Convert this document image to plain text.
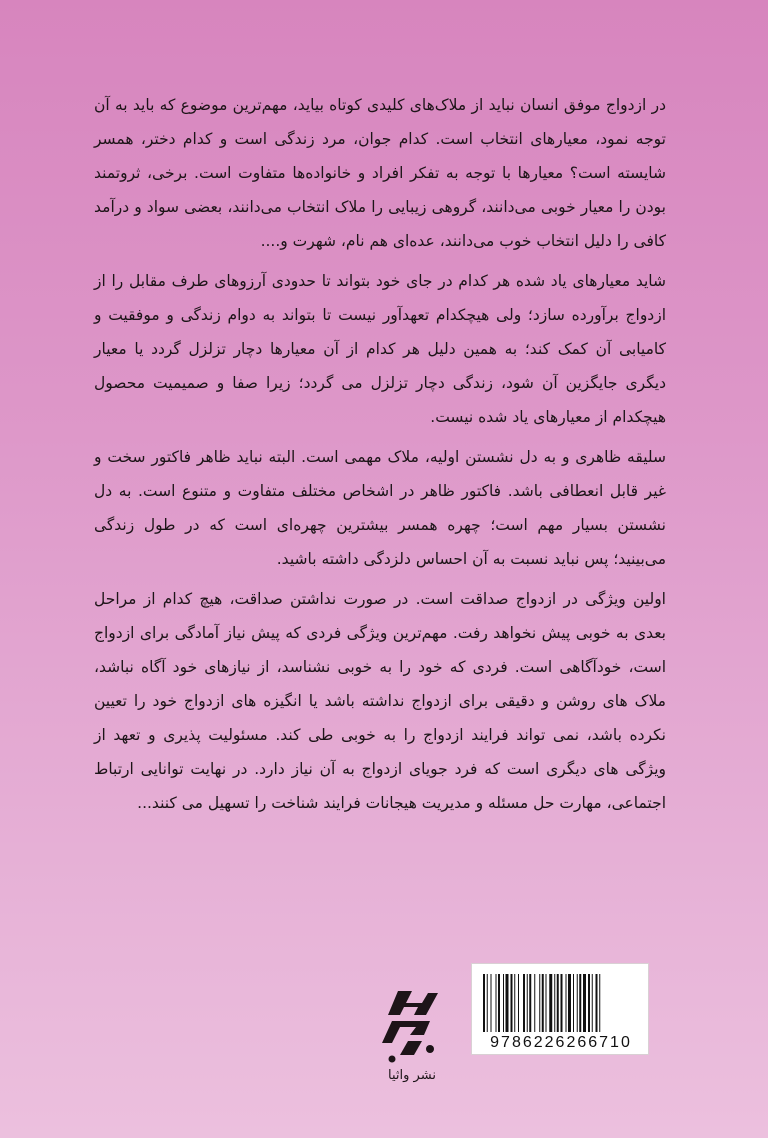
در ازدواج موفق انسان نباید از ملاک‌های کلیدی کوتاه بیاید، مهم‌ترین موضوع که باید به آن توجه نمود، معیارهای انتخاب است. کدام جوان، مرد زندگی است و کدام دختر، همسر شایسته است؟ معیارها با توجه به تفکر افراد و خانواده‌ها متفاوت است. برخی، ثروتمند بودن را معیار خوبی می‌دانند، گروهی زیبایی را ملاک انتخاب می‌دانند، بعضی سواد و درآمد کافی را دلیل انتخاب خوب می‌دانند، عده‌ای هم نام، شهرت و....

شاید معیارهای یاد شده هر کدام در جای خود بتواند تا حدودی آرزوهای طرف مقابل را از ازدواج برآورده سازد؛ ولی هیچکدام تعهدآور نیست تا بتواند به دوام زندگی و موفقیت و کامیابی آن کمک کند؛ به همین دلیل هر کدام از آن معیارها دچار تزلزل گردد یا معیار دیگری جایگزین آن شود، زندگی دچار تزلزل می گردد؛ زیرا صفا و صمیمیت محصول هیچکدام از معیارهای یاد شده نیست.

سلیقه ظاهری و به دل نشستن اولیه، ملاک مهمی است. البته نباید ظاهر فاکتور سخت و غیر قابل انعطافی باشد. فاکتور ظاهر در اشخاص مختلف متفاوت و متنوع است. به دل نشستن بسیار مهم است؛ چهره همسر بیشترین چهره‌ای است که در طول زندگی می‌بینید؛ پس نباید نسبت به آن احساس دلزدگی داشته باشید.

اولین ویژگی در ازدواج صداقت است. در صورت نداشتن صداقت، هیچ کدام از مراحل بعدی به خوبی پیش نخواهد رفت. مهم‌ترین ویژگی فردی که پیش نیاز آمادگی برای ازدواج است، خودآگاهی است. فردی که خود را به خوبی نشناسد، از نیازهای خود آگاه نباشد، ملاک های روشن و دقیقی برای ازدواج نداشته باشد یا انگیزه‌ های ازدواج خود را تعیین نکرده باشد، نمی تواند فرایند ازدواج را به خوبی طی کند. مسئولیت پذیری و تعهد از ویژگی های دیگری است که فرد جویای ازدواج به آن نیاز دارد. در نهایت توانایی ارتباط اجتماعی، مهارت حل مسئله و مدیریت هیجانات فرایند شناخت را تسهیل می کنند...

نشر واثیا
9786226266710
